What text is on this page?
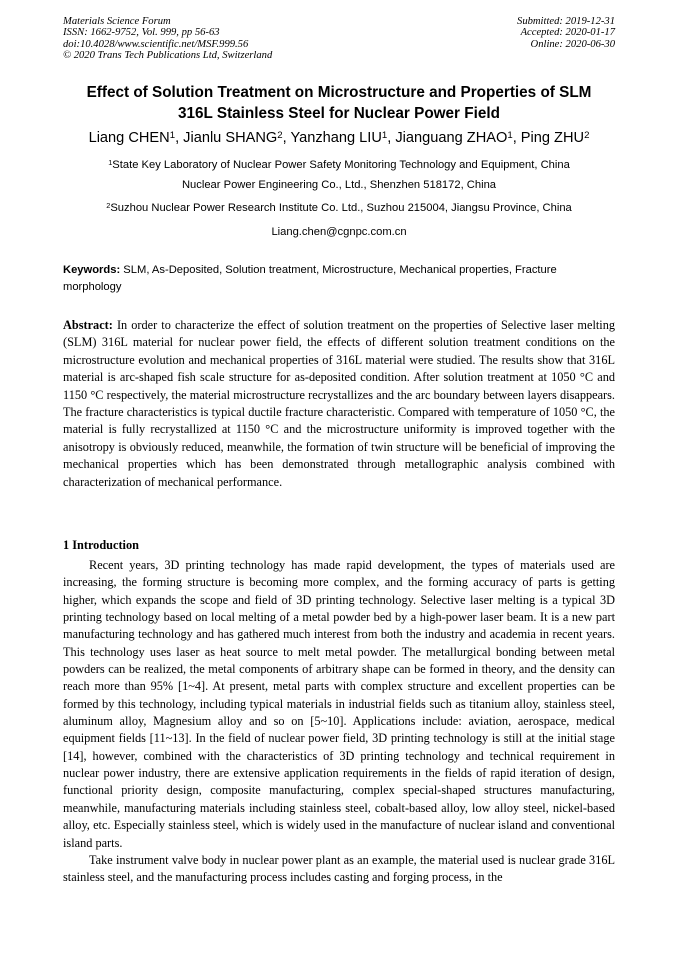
Materials Science Forum
ISSN: 1662-9752, Vol. 999, pp 56-63
doi:10.4028/www.scientific.net/MSF.999.56
© 2020 Trans Tech Publications Ltd, Switzerland
Submitted: 2019-12-31
Accepted: 2020-01-17
Online: 2020-06-30
Effect of Solution Treatment on Microstructure and Properties of SLM
316L Stainless Steel for Nuclear Power Field
Liang CHEN$^1$, Jianlu SHANG$^2$, Yanzhang LIU$^1$, Jianguang ZHAO$^1$, Ping ZHU$^2$
$^1$State Key Laboratory of Nuclear Power Safety Monitoring Technology and Equipment, China
Nuclear Power Engineering Co., Ltd., Shenzhen 518172, China
$^2$Suzhou Nuclear Power Research Institute Co. Ltd., Suzhou 215004, Jiangsu Province, China
Liang.chen@cgnpc.com.cn
Keywords: SLM, As-Deposited, Solution treatment, Microstructure, Mechanical properties, Fracture morphology

Abstract: In order to characterize the effect of solution treatment on the properties of Selective laser melting (SLM) 316L material for nuclear power field, the effects of different solution treatment conditions on the microstructure evolution and mechanical properties of 316L material were studied. The results show that 316L material is arc-shaped fish scale structure for as-deposited condition. After solution treatment at 1050 °C and 1150 °C respectively, the material microstructure recrystallizes and the arc boundary between layers disappears. The fracture characteristics is typical ductile fracture characteristic. Compared with temperature of 1050 °C, the material is fully recrystallized at 1150 °C and the microstructure uniformity is improved together with the anisotropy is obviously reduced, meanwhile, the formation of twin structure will be beneficial of improving the mechanical properties which has been demonstrated through metallographic analysis combined with characterization of mechanical performance.

1 Introduction

Recent years, 3D printing technology has made rapid development, the types of materials used are increasing, the forming structure is becoming more complex, and the forming accuracy of parts is getting higher, which expands the scope and field of 3D printing technology. Selective laser melting is a typical 3D printing technology based on local melting of a metal powder bed by a high-power laser beam. It is a new part manufacturing technology and has gathered much interest from both the industry and academia in recent years. This technology uses laser as heat source to melt metal powder. The metallurgical bonding between metal powders can be realized, the metal components of arbitrary shape can be formed in theory, and the density can reach more than 95% [1~4]. At present, metal parts with complex structure and excellent properties can be formed by this technology, including typical materials in industrial fields such as titanium alloy, stainless steel, aluminum alloy, Magnesium alloy and so on [5~10]. Applications include: aviation, aerospace, medical equipment fields [11~13]. In the field of nuclear power field, 3D printing technology is still at the initial stage [14], however, combined with the characteristics of 3D printing technology and technical requirement in nuclear power industry, there are extensive application requirements in the fields of rapid iteration of design, functional priority design, composite manufacturing, complex special-shaped structures manufacturing, meanwhile, manufacturing materials including stainless steel, cobalt-based alloy, low alloy steel, nickel-based alloy, etc. Especially stainless steel, which is widely used in the manufacture of nuclear island and conventional island parts.

Take instrument valve body in nuclear power plant as an example, the material used is nuclear grade 316L stainless steel, and the manufacturing process includes casting and forging process, in the
